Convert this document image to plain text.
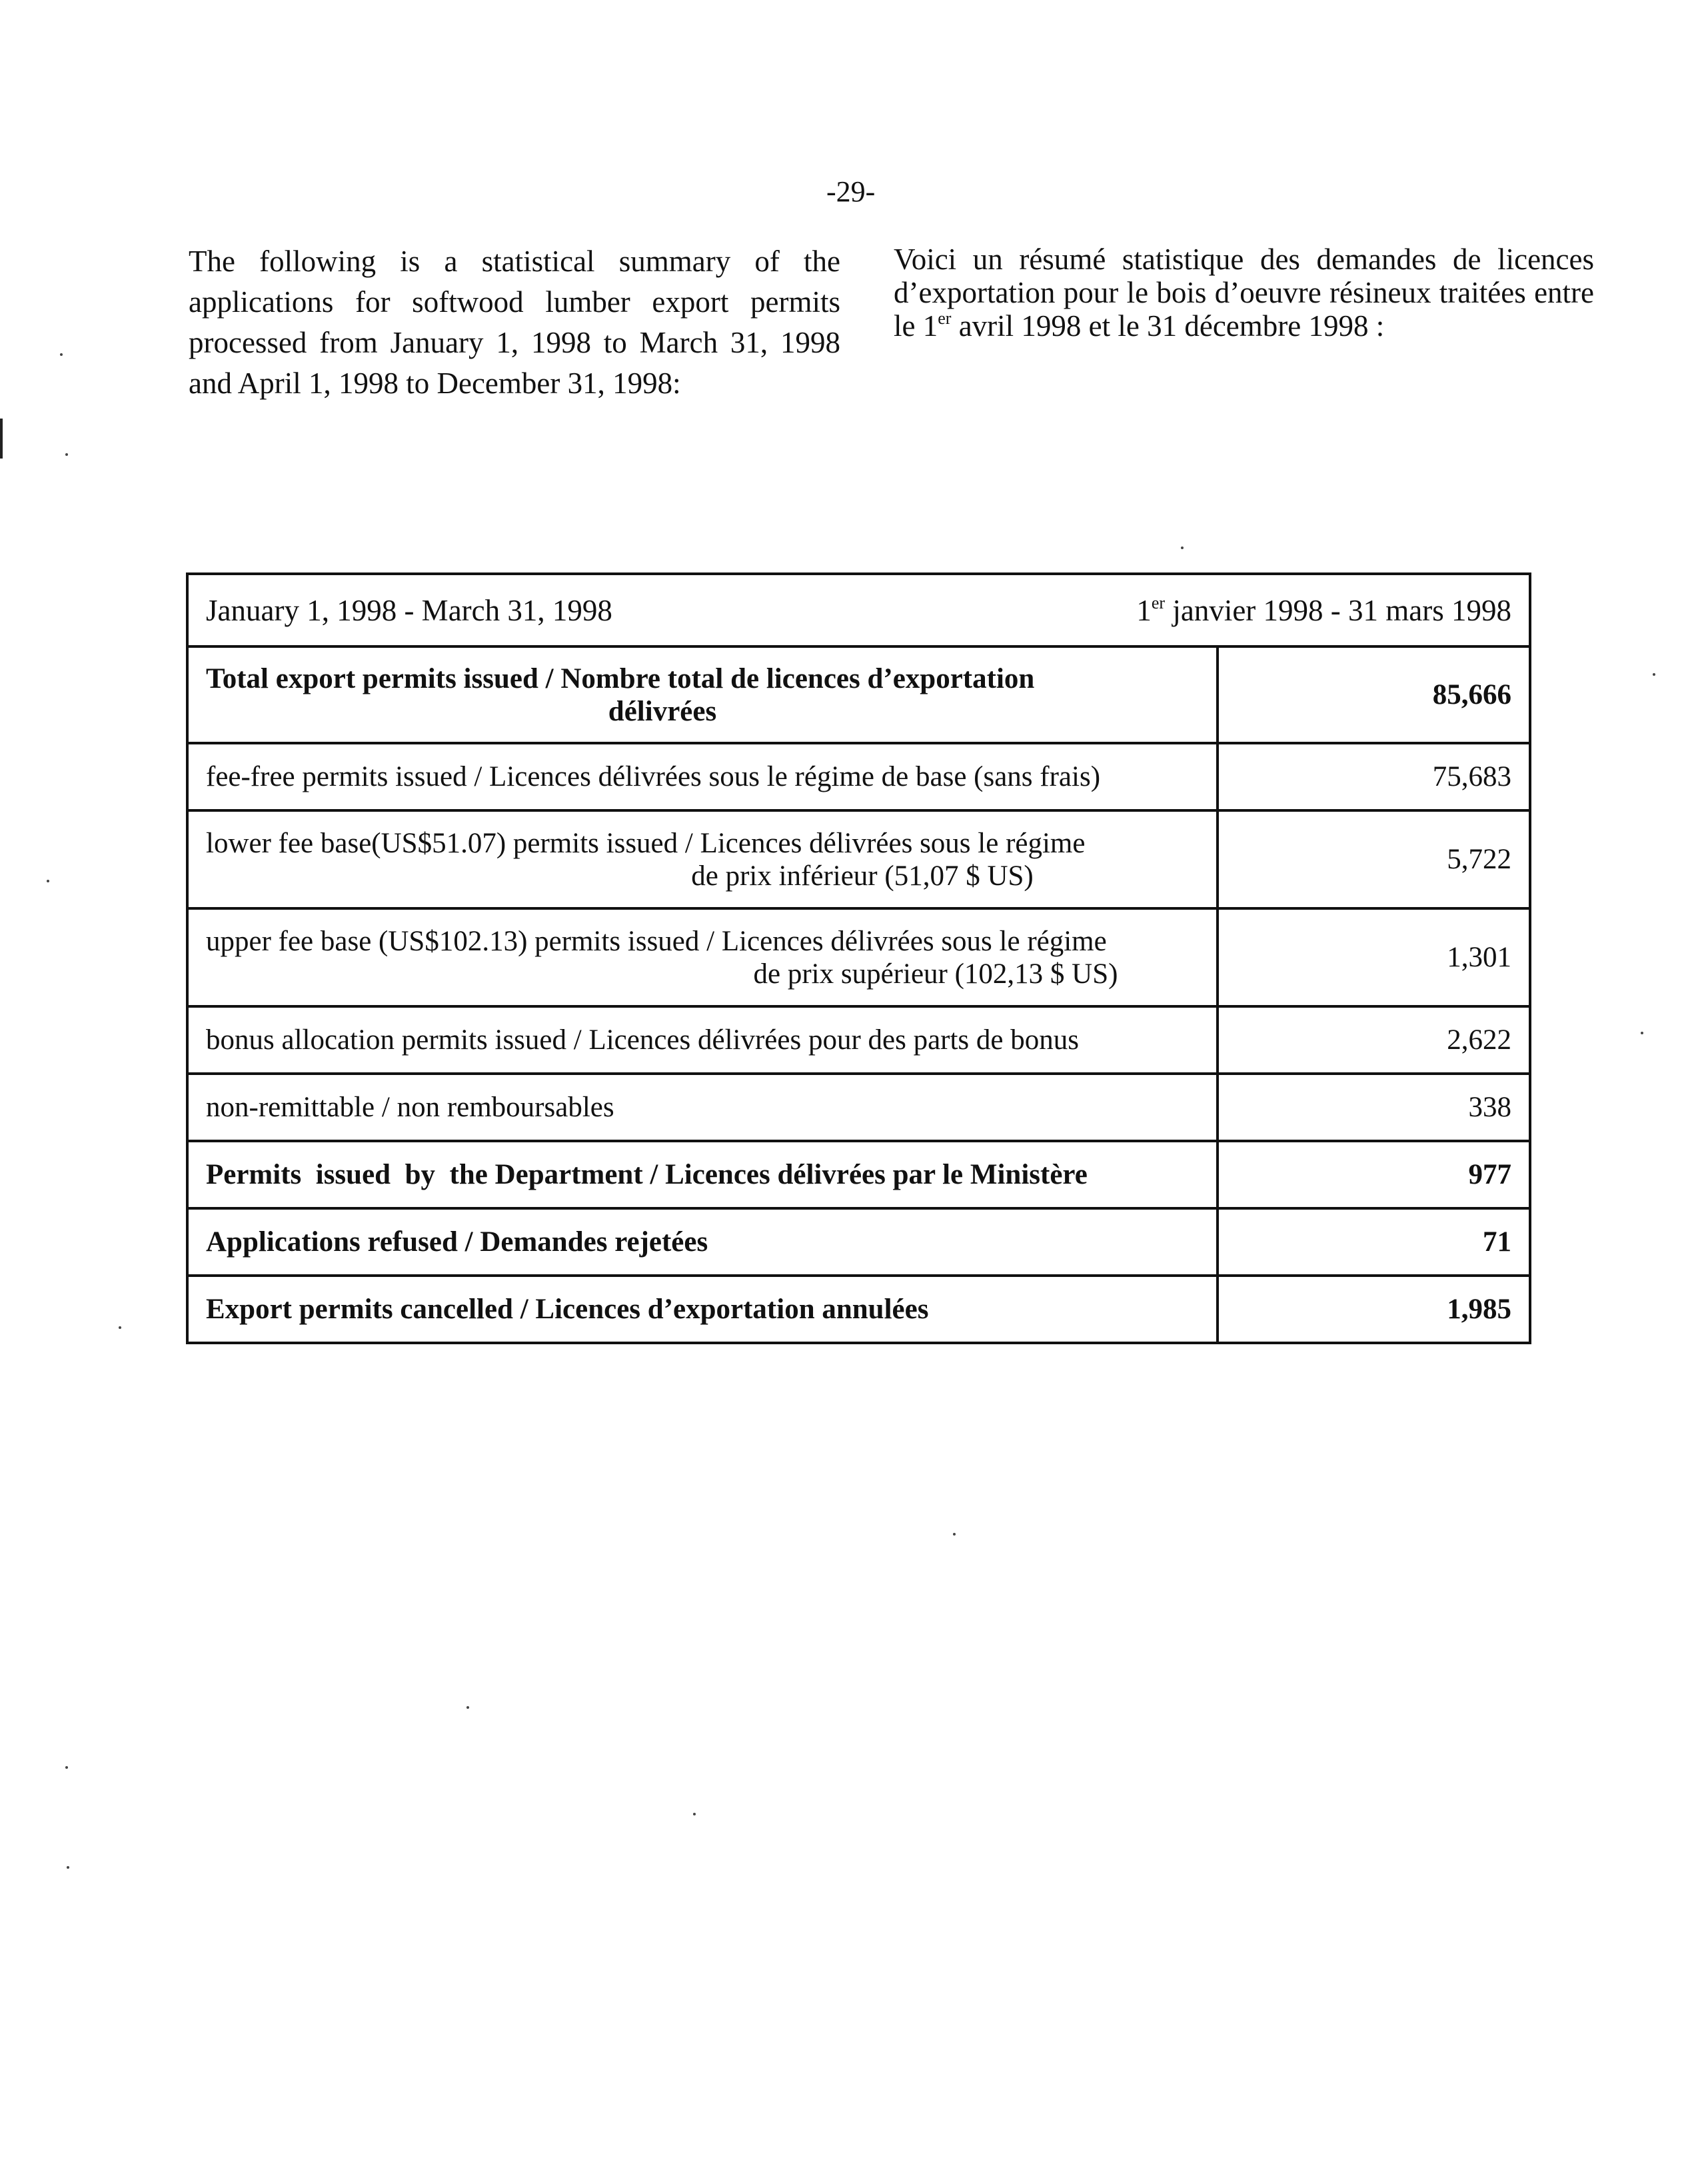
-29-
The following is a statistical summary of the applications for softwood lumber export permits processed from January 1, 1998 to March 31, 1998 and April 1, 1998 to December 31, 1998:
Voici un résumé statistique des demandes de licences d’exportation pour le bois d’oeuvre résineux traitées entre le 1er avril 1998 et le 31 décembre 1998 :
January 1, 1998 - March 31, 1998 1er janvier 1998 - 31 mars 1998	

Total export permits issued / Nombre total de licences d’exportation
délivrées	85,666
fee-free permits issued / Licences délivrées sous le régime de base (sans frais)	75,683
lower fee base(US$51.07) permits issued / Licences délivrées sous le régime
de prix inférieur (51,07 $ US)	5,722
upper fee base (US$102.13) permits issued / Licences délivrées sous le régime
de prix supérieur (102,13 $ US)	1,301
bonus allocation permits issued / Licences délivrées pour des parts de bonus	2,622
non-remittable / non remboursables	338
Permits  issued  by  the Department / Licences délivrées par le Ministère	977
Applications refused / Demandes rejetées	71
Export permits cancelled / Licences d’exportation annulées	1,985
